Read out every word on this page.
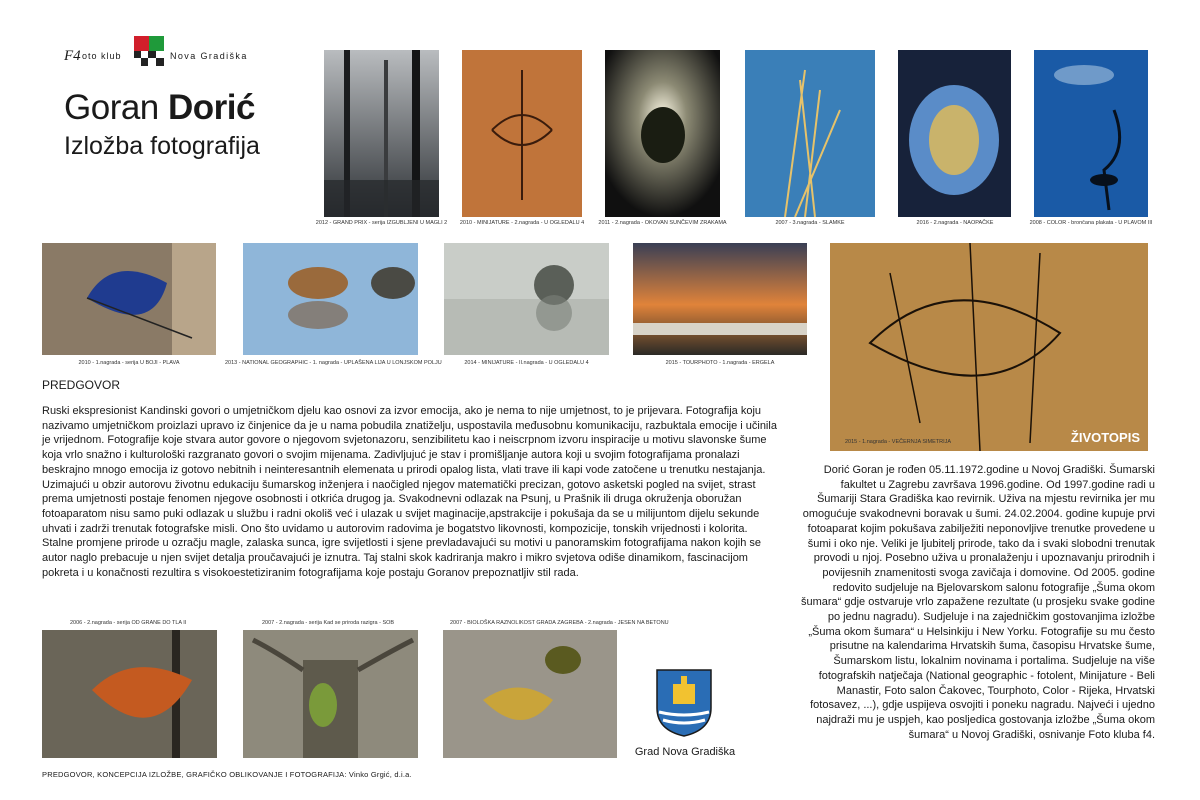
F4 oto klub	Nova Gradiška
Goran Dorić
Izložba fotografija
2012 - GRAND PRIX - serija IZGUBLJENI U MAGLI 2	2010 - MINIJATURE - 2.nagrada - U OGLEDALU 4	2011 - 2.nagrada - OKOVAN SUNČEVIM ZRAKAMA	2007 - 3.nagrada - SLAMKE	2016 - 2.nagrada - NAOPAČKE	2008 - COLOR - brončana plakata - U PLAVOM III
2010 - 1.nagrada - serija U BOJI - PLAVA	2013 - NATIONAL GEOGRAPHIC - 1. nagrada - UPLAŠENA LIJA U LONJSKOM POLJU	2014 - MINIJATURE - II.nagrada - U OGLEDALU 4	2015 - TOURPHOTO - 1.nagrada - ERGELA
2015 - 1.nagrada - VEČERNJA SIMETRIJA	ŽIVOTOPIS
PREDGOVOR
Ruski ekspresionist Kandinski govori o umjetničkom djelu kao osnovi za izvor emocija, ako je nema to nije umjetnost, to je prijevara. Fotografija koju nazivamo umjetničkom proizlazi upravo iz činjenice da je u nama pobudila znatiželju, uspostavila međusobnu komunikaciju, razbuktala emocije i učinila je vrijednom. Fotografije koje stvara autor govore o njegovom svjetonazoru, senzibilitetu kao i neiscrpnom izvoru inspiracije u motivu slavonske šume koja vrlo snažno i kulturološki razgranato govori o svojim mijenama. Zadivljujuć je stav i promišljanje autora koji u svojim fotografijama pronalazi beskrajno mnogo emocija iz gotovo nebitnih i neinteresantnih elemenata u prirodi opalog lista, vlati trave ili kapi vode zatočene u trenutku nestajanja. Uzimajući u obzir autorovu životnu edukaciju šumarskog inženjera i naočigled njegov matematički precizan, gotovo asketski pogled na svijet, strast prema umjetnosti postaje fenomen njegove osobnosti i otkrića drugog ja. Svakodnevni odlazak na Psunj, u Prašnik ili druga okruženja oboružan fotoaparatom nisu samo puki odlazak u službu i radni okoliš već i ulazak u svijet maginacije,apstrakcije i pokušaja da se u milijuntom dijelu sekunde uhvati i zadrži trenutak fotografske misli. Ono što uvidamo u autorovim radovima je bogatstvo likovnosti, kompozicije, tonskih vrijednosti i kolorita. Stalne promjene prirode u ozračju magle, zalaska sunca, igre svijetlosti i sjene prevladavajući su motivi u panoramskim fotografijama nakon kojih se autor naglo prebacuje u njen svijet detalja proučavajući je iznutra. Taj stalni skok kadriranja makro i mikro svjetova odiše dinamikom, fascinacijom pokreta i u konačnosti rezultira s visokoestetiziranim fotografijama koje postaju Goranov prepoznatljiv stil rada.
Dorić Goran je rođen 05.11.1972.godine u Novoj Gradiški. Šumarski fakultet u Zagrebu završava 1996.godine. Od 1997.godine radi u Šumariji Stara Gradiška kao revirnik. Uživa na mjestu revirnika jer mu omogućuje svakodnevni boravak u šumi. 24.02.2004. godine kupuje prvi fotoaparat kojim pokušava zabilježiti neponovljive trenutke provedene u šumi i oko nje. Veliki je ljubitelj prirode, tako da i svaki slobodni trenutak provodi u njoj. Posebno uživa u pronalaženju i upoznavanju prirodnih i povijesnih znamenitosti svoga zavičaja i domovine. Od 2005. godine redovito sudjeluje na Bjelovarskom salonu fotografije „Šuma okom šumara“ gdje ostvaruje vrlo zapažene rezultate (u prosjeku svake godine po jednu nagradu). Sudjeluje i na zajedničkim gostovanjima izložbe „Šuma okom šumara“ u Helsinkiju i New Yorku. Fotografije su mu često prisutne na kalendarima Hrvatskih šuma, časopisu Hrvatske šume, Šumarskom listu, lokalnim novinama i portalima. Sudjeluje na više fotografskih natječaja (National geographic - fotolent, Minijature - Beli Manastir, Foto salon Čakovec, Tourphoto, Color - Rijeka, Hrvatski fotosavez, ...), gdje uspijeva osvojiti i poneku nagradu. Najveći i ujedno najdraži mu je uspjeh, kao posljedica gostovanja izložbe „Šuma okom šumara“ u Novoj Gradiški, osnivanje Foto kluba f4.
2006 - 2.nagrada - serija OD GRANE DO TLA II	2007 - 2.nagrada - serija Kad se priroda razigra - SOB	2007 - BIOLOŠKA RAZNOLIKOST GRADA ZAGREBA - 2.nagrada - JESEN NA BETONU
Grad Nova Gradiška
PREDGOVOR, KONCEPCIJA IZLOŽBE, GRAFIČKO OBLIKOVANJE I FOTOGRAFIJA: Vinko Grgić, d.i.a.
